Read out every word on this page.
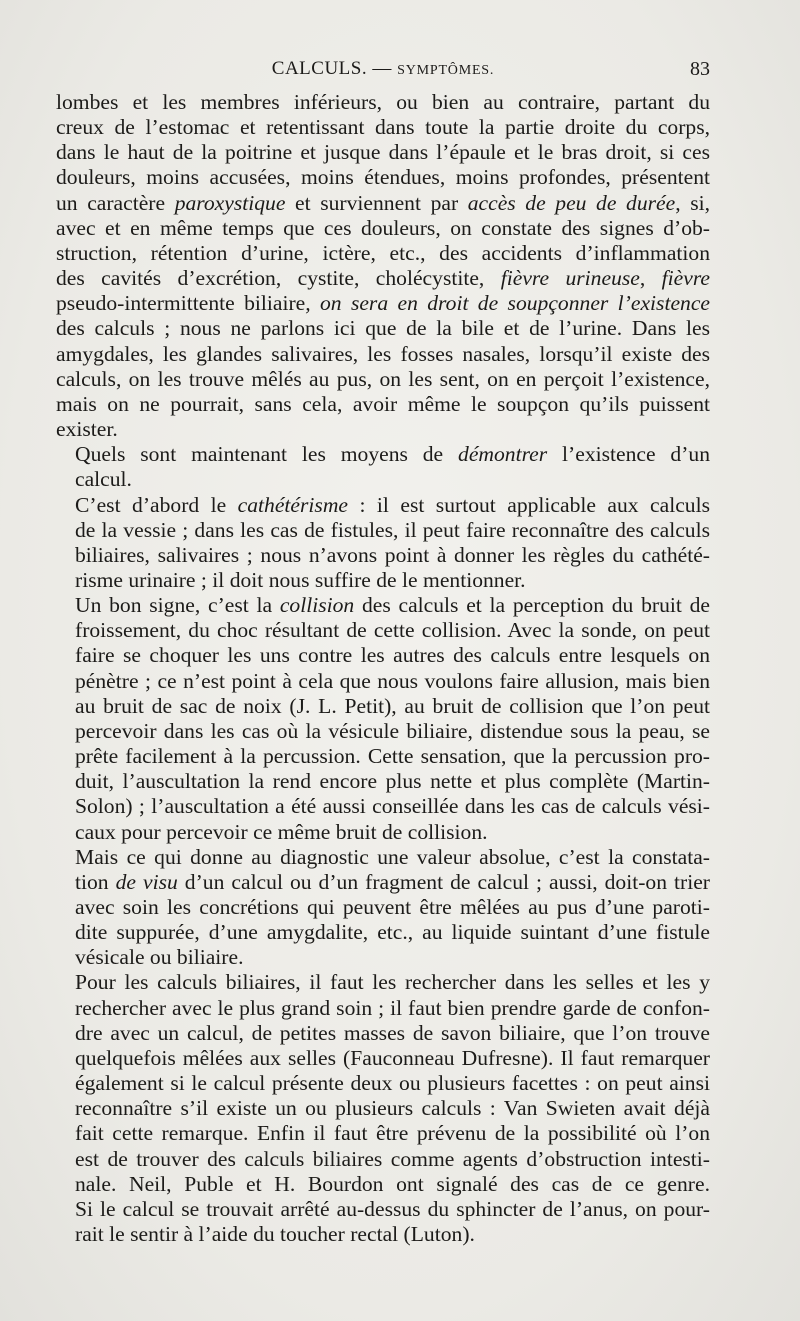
CALCULS. — SYMPTÔMES.	83

lombes et les membres inférieurs, ou bien au contraire, partant du
creux de l’estomac et retentissant dans toute la partie droite du corps,
dans le haut de la poitrine et jusque dans l’épaule et le bras droit, si ces
douleurs, moins accusées, moins étendues, moins profondes, présentent
un caractère paroxystique et surviennent par accès de peu de durée, si,
avec et en même temps que ces douleurs, on constate des signes d’ob-
struction, rétention d’urine, ictère, etc., des accidents d’inflammation
des cavités d’excrétion, cystite, cholécystite, fièvre urineuse, fièvre
pseudo-intermittente biliaire, on sera en droit de soupçonner l’existence
des calculs ; nous ne parlons ici que de la bile et de l’urine. Dans les
amygdales, les glandes salivaires, les fosses nasales, lorsqu’il existe des
calculs, on les trouve mêlés au pus, on les sent, on en perçoit l’existence,
mais on ne pourrait, sans cela, avoir même le soupçon qu’ils puissent
exister.

Quels sont maintenant les moyens de démontrer l’existence d’un
calcul.

C’est d’abord le cathétérisme : il est surtout applicable aux calculs
de la vessie ; dans les cas de fistules, il peut faire reconnaître des calculs
biliaires, salivaires ; nous n’avons point à donner les règles du cathété-
risme urinaire ; il doit nous suffire de le mentionner.

Un bon signe, c’est la collision des calculs et la perception du bruit de
froissement, du choc résultant de cette collision. Avec la sonde, on peut
faire se choquer les uns contre les autres des calculs entre lesquels on
pénètre ; ce n’est point à cela que nous voulons faire allusion, mais bien
au bruit de sac de noix (J. L. Petit), au bruit de collision que l’on peut
percevoir dans les cas où la vésicule biliaire, distendue sous la peau, se
prête facilement à la percussion. Cette sensation, que la percussion pro-
duit, l’auscultation la rend encore plus nette et plus complète (Martin-
Solon) ; l’auscultation a été aussi conseillée dans les cas de calculs vési-
caux pour percevoir ce même bruit de collision.

Mais ce qui donne au diagnostic une valeur absolue, c’est la constata-
tion de visu d’un calcul ou d’un fragment de calcul ; aussi, doit-on trier
avec soin les concrétions qui peuvent être mêlées au pus d’une paroti-
dite suppurée, d’une amygdalite, etc., au liquide suintant d’une fistule
vésicale ou biliaire.

Pour les calculs biliaires, il faut les rechercher dans les selles et les y
rechercher avec le plus grand soin ; il faut bien prendre garde de confon-
dre avec un calcul, de petites masses de savon biliaire, que l’on trouve
quelquefois mêlées aux selles (Fauconneau Dufresne). Il faut remarquer
également si le calcul présente deux ou plusieurs facettes : on peut ainsi
reconnaître s’il existe un ou plusieurs calculs : Van Swieten avait déjà
fait cette remarque. Enfin il faut être prévenu de la possibilité où l’on
est de trouver des calculs biliaires comme agents d’obstruction intesti-
nale. Neil, Puble et H. Bourdon ont signalé des cas de ce genre.
Si le calcul se trouvait arrêté au-dessus du sphincter de l’anus, on pour-
rait le sentir à l’aide du toucher rectal (Luton).
